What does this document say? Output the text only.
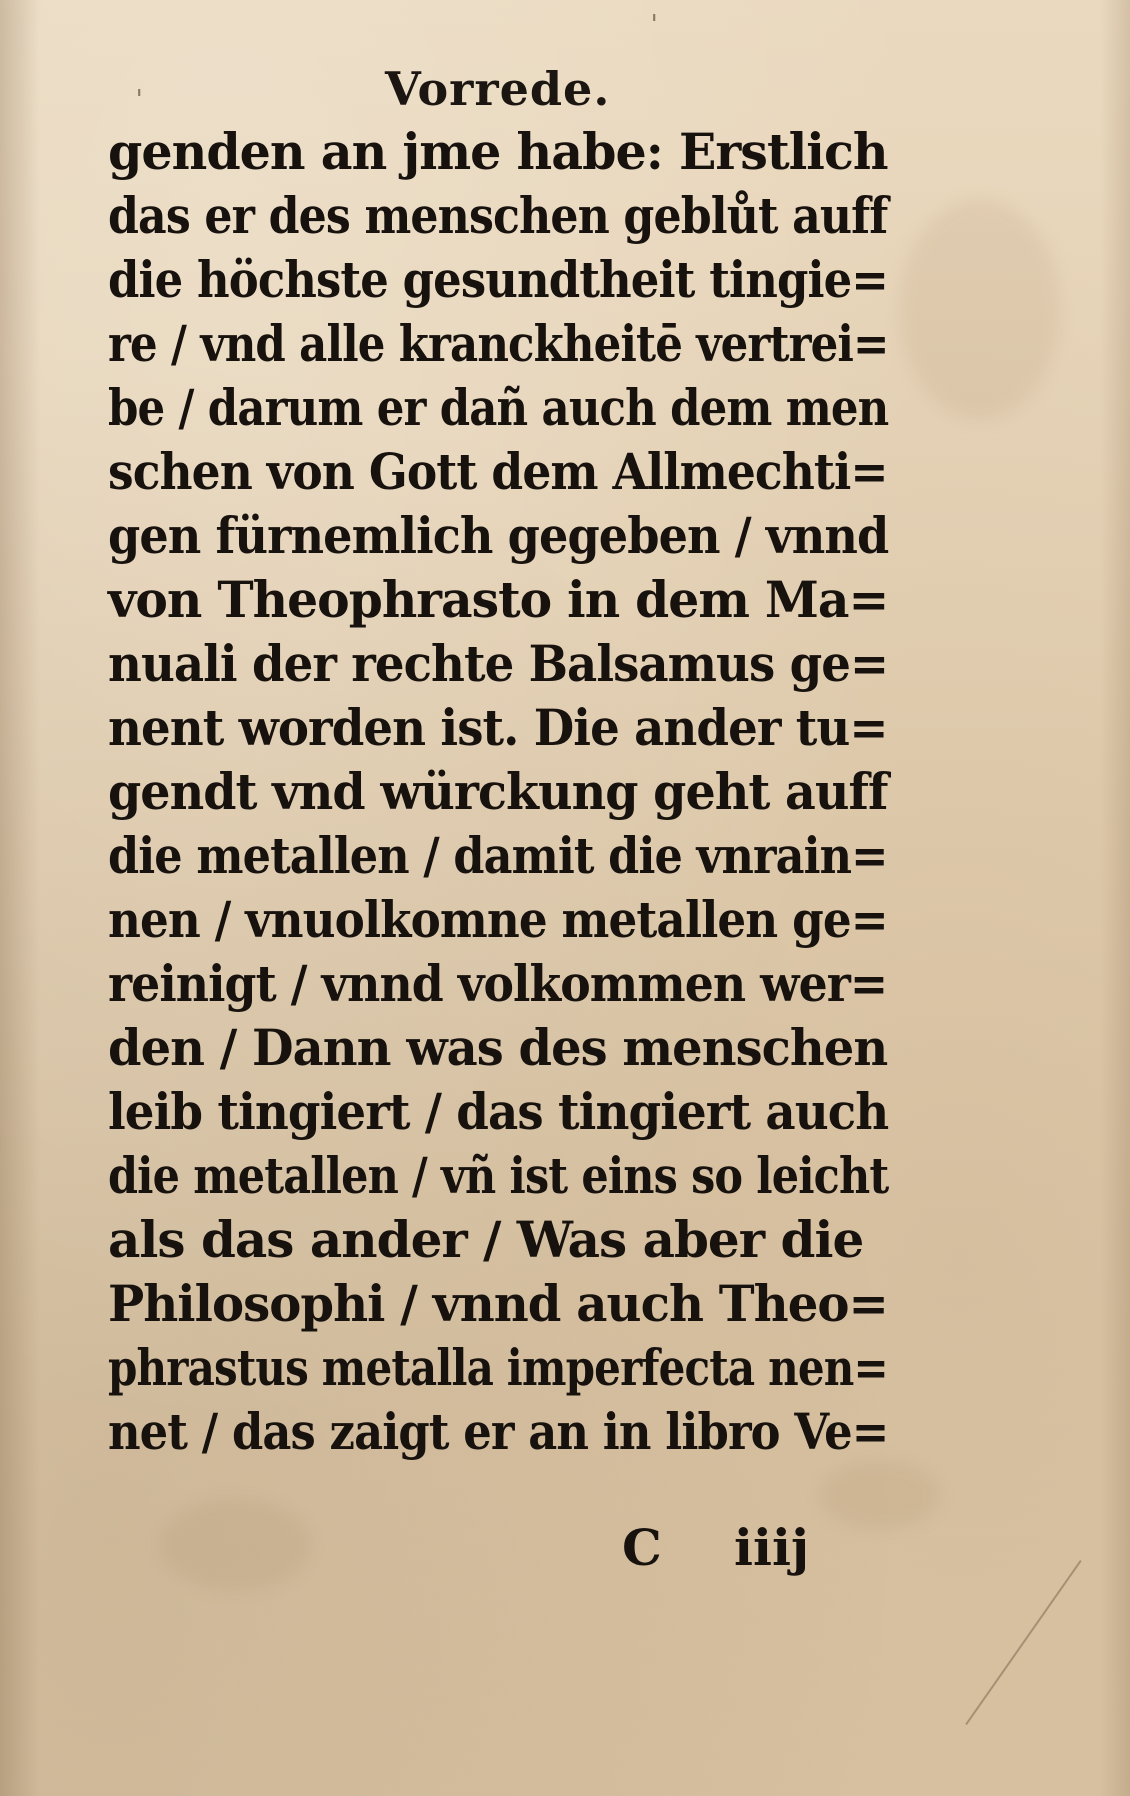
ˈ
ˈ
Vorrede.
genden an jme habe: Erstlich
das er des menschen geblůt auff
die höchste gesundtheit tingie=
re / vnd alle kranckheitē vertrei=
be / darum er dañ auch dem men
schen von Gott dem Allmechti=
gen fürnemlich gegeben / vnnd
von Theophrasto in dem Ma=
nuali der rechte Balsamus ge=
nent worden ist. Die ander tu=
gendt vnd würckung geht auff
die metallen / damit die vnrain=
nen / vnuolkomne metallen ge=
reinigt / vnnd volkommen wer=
den / Dann was des menschen
leib tingiert / das tingiert auch
die metallen / vñ ist eins so leicht
als das ander / Was aber die
Philosophi / vnnd auch Theo=
phrastus metalla imperfecta nen=
net / das zaigt er an in libro Ve=
C iiij
